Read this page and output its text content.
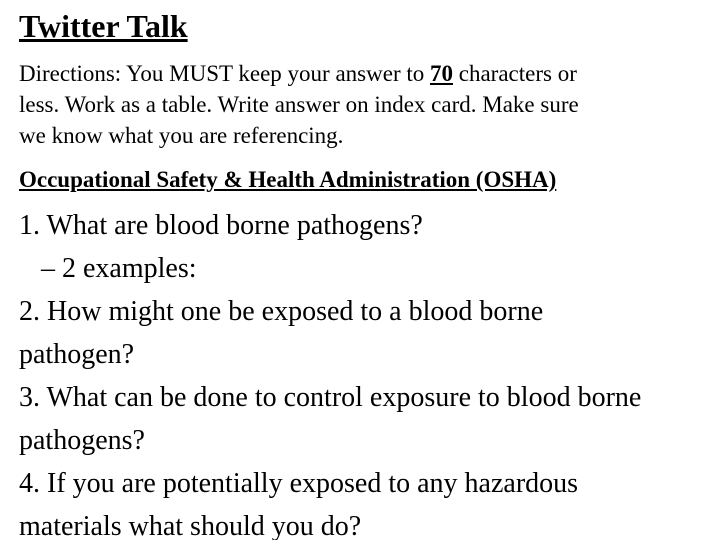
Twitter Talk
Directions: You MUST keep your answer to 70 characters or
less. Work as a table. Write answer on index card. Make sure
we know what you are referencing.
Occupational Safety & Health Administration (OSHA)
1. What are blood borne pathogens?
– 2 examples:
2. How might one be exposed to a blood borne
pathogen?
3. What can be done to control exposure to blood borne
pathogens?
4. If you are potentially exposed to any hazardous
materials what should you do?
